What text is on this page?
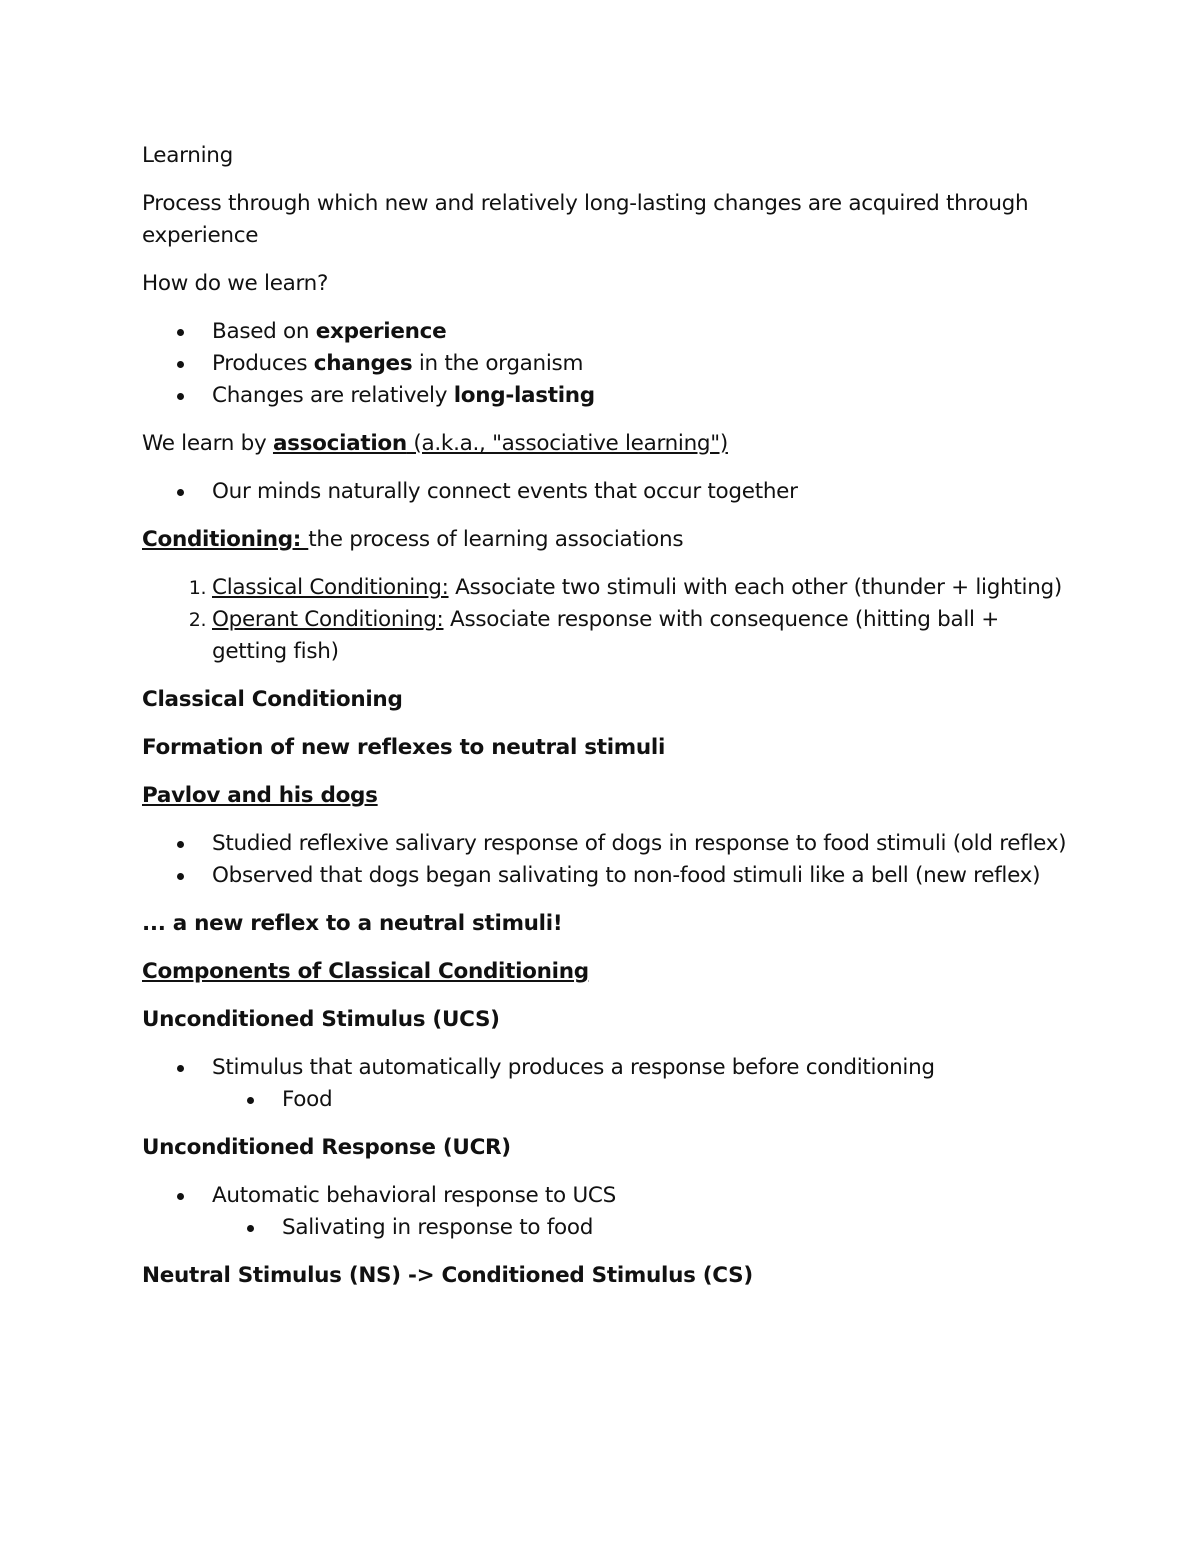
Learning

Process through which new and relatively long-lasting changes are acquired through experience

How do we learn?

Based on experience
Produces changes in the organism
Changes are relatively long-lasting

We learn by association (a.k.a., "associative learning")

Our minds naturally connect events that occur together

Conditioning: the process of learning associations

1. Classical Conditioning: Associate two stimuli with each other (thunder + lighting)
2. Operant Conditioning: Associate response with consequence (hitting ball + getting fish)

Classical Conditioning

Formation of new reflexes to neutral stimuli

Pavlov and his dogs

Studied reflexive salivary response of dogs in response to food stimuli (old reflex)
Observed that dogs began salivating to non-food stimuli like a bell (new reflex)

... a new reflex to a neutral stimuli!

Components of Classical Conditioning

Unconditioned Stimulus (UCS)

Stimulus that automatically produces a response before conditioning
Food

Unconditioned Response (UCR)

Automatic behavioral response to UCS
Salivating in response to food

Neutral Stimulus (NS) -> Conditioned Stimulus (CS)
